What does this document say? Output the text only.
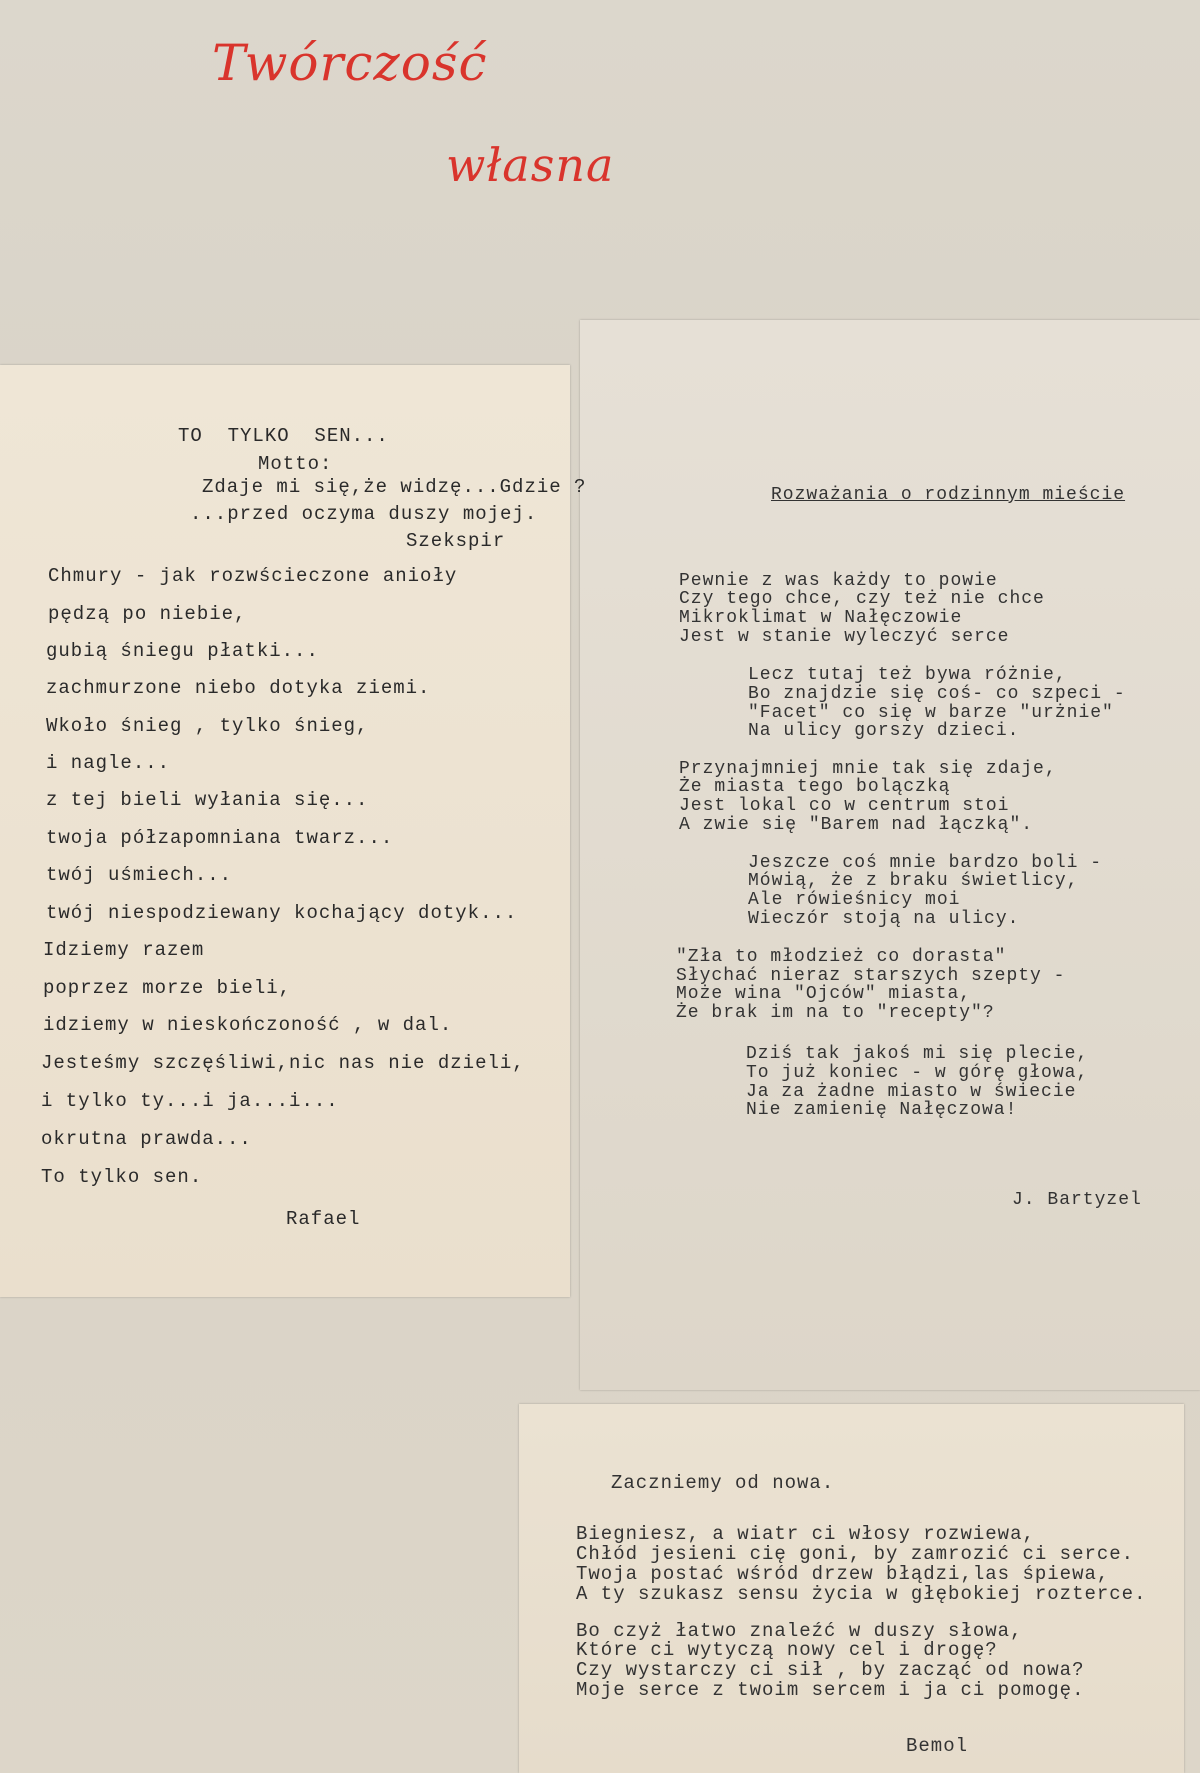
Twórczość
własna
Rozważania o rodzinnym mieście
Pewnie z was każdy to powie
Czy tego chce, czy też nie chce
Mikroklimat w Nałęczowie
Jest w stanie wyleczyć serce
Lecz tutaj też bywa różnie,
Bo znajdzie się coś- co szpeci -
"Facet" co się w barze "urżnie"
Na ulicy gorszy dzieci.
Przynajmniej mnie tak się zdaje,
Że miasta tego bolączką
Jest lokal co w centrum stoi
A zwie się "Barem nad łączką".
Jeszcze coś mnie bardzo boli -
Mówią, że z braku świetlicy,
Ale rówieśnicy moi
Wieczór stoją na ulicy.
"Zła to młodzież co dorasta"
Słychać nieraz starszych szepty -
Może wina "Ojców" miasta,
Że brak im na to "recepty"?
Dziś tak jakoś mi się plecie,
To już koniec - w górę głowa,
Ja za żadne miasto w świecie
Nie zamienię Nałęczowa!
J. Bartyzel
TO  TYLKO  SEN...
Motto:
Zdaje mi się,że widzę...Gdzie ?
...przed oczyma duszy mojej.
Szekspir
Chmury - jak rozwścieczone anioły
pędzą po niebie,
gubią śniegu płatki...
zachmurzone niebo dotyka ziemi.
Wkoło śnieg , tylko śnieg,
i nagle...
z tej bieli wyłania się...
twoja półzapomniana twarz...
twój uśmiech...
twój niespodziewany kochający dotyk...
Idziemy razem
poprzez morze bieli,
idziemy w nieskończoność , w dal.
Jesteśmy szczęśliwi,nic nas nie dzieli,
i tylko ty...i ja...i...
okrutna prawda...
To tylko sen.
Rafael
Zaczniemy od nowa.
Biegniesz, a wiatr ci włosy rozwiewa,
Chłód jesieni cię goni, by zamrozić ci serce.
Twoja postać wśród drzew błądzi,las śpiewa,
A ty szukasz sensu życia w głębokiej rozterce.
Bo czyż łatwo znaleźć w duszy słowa,
Które ci wytyczą nowy cel i drogę?
Czy wystarczy ci sił , by zacząć od nowa?
Moje serce z twoim sercem i ja ci pomogę.
Bemol
